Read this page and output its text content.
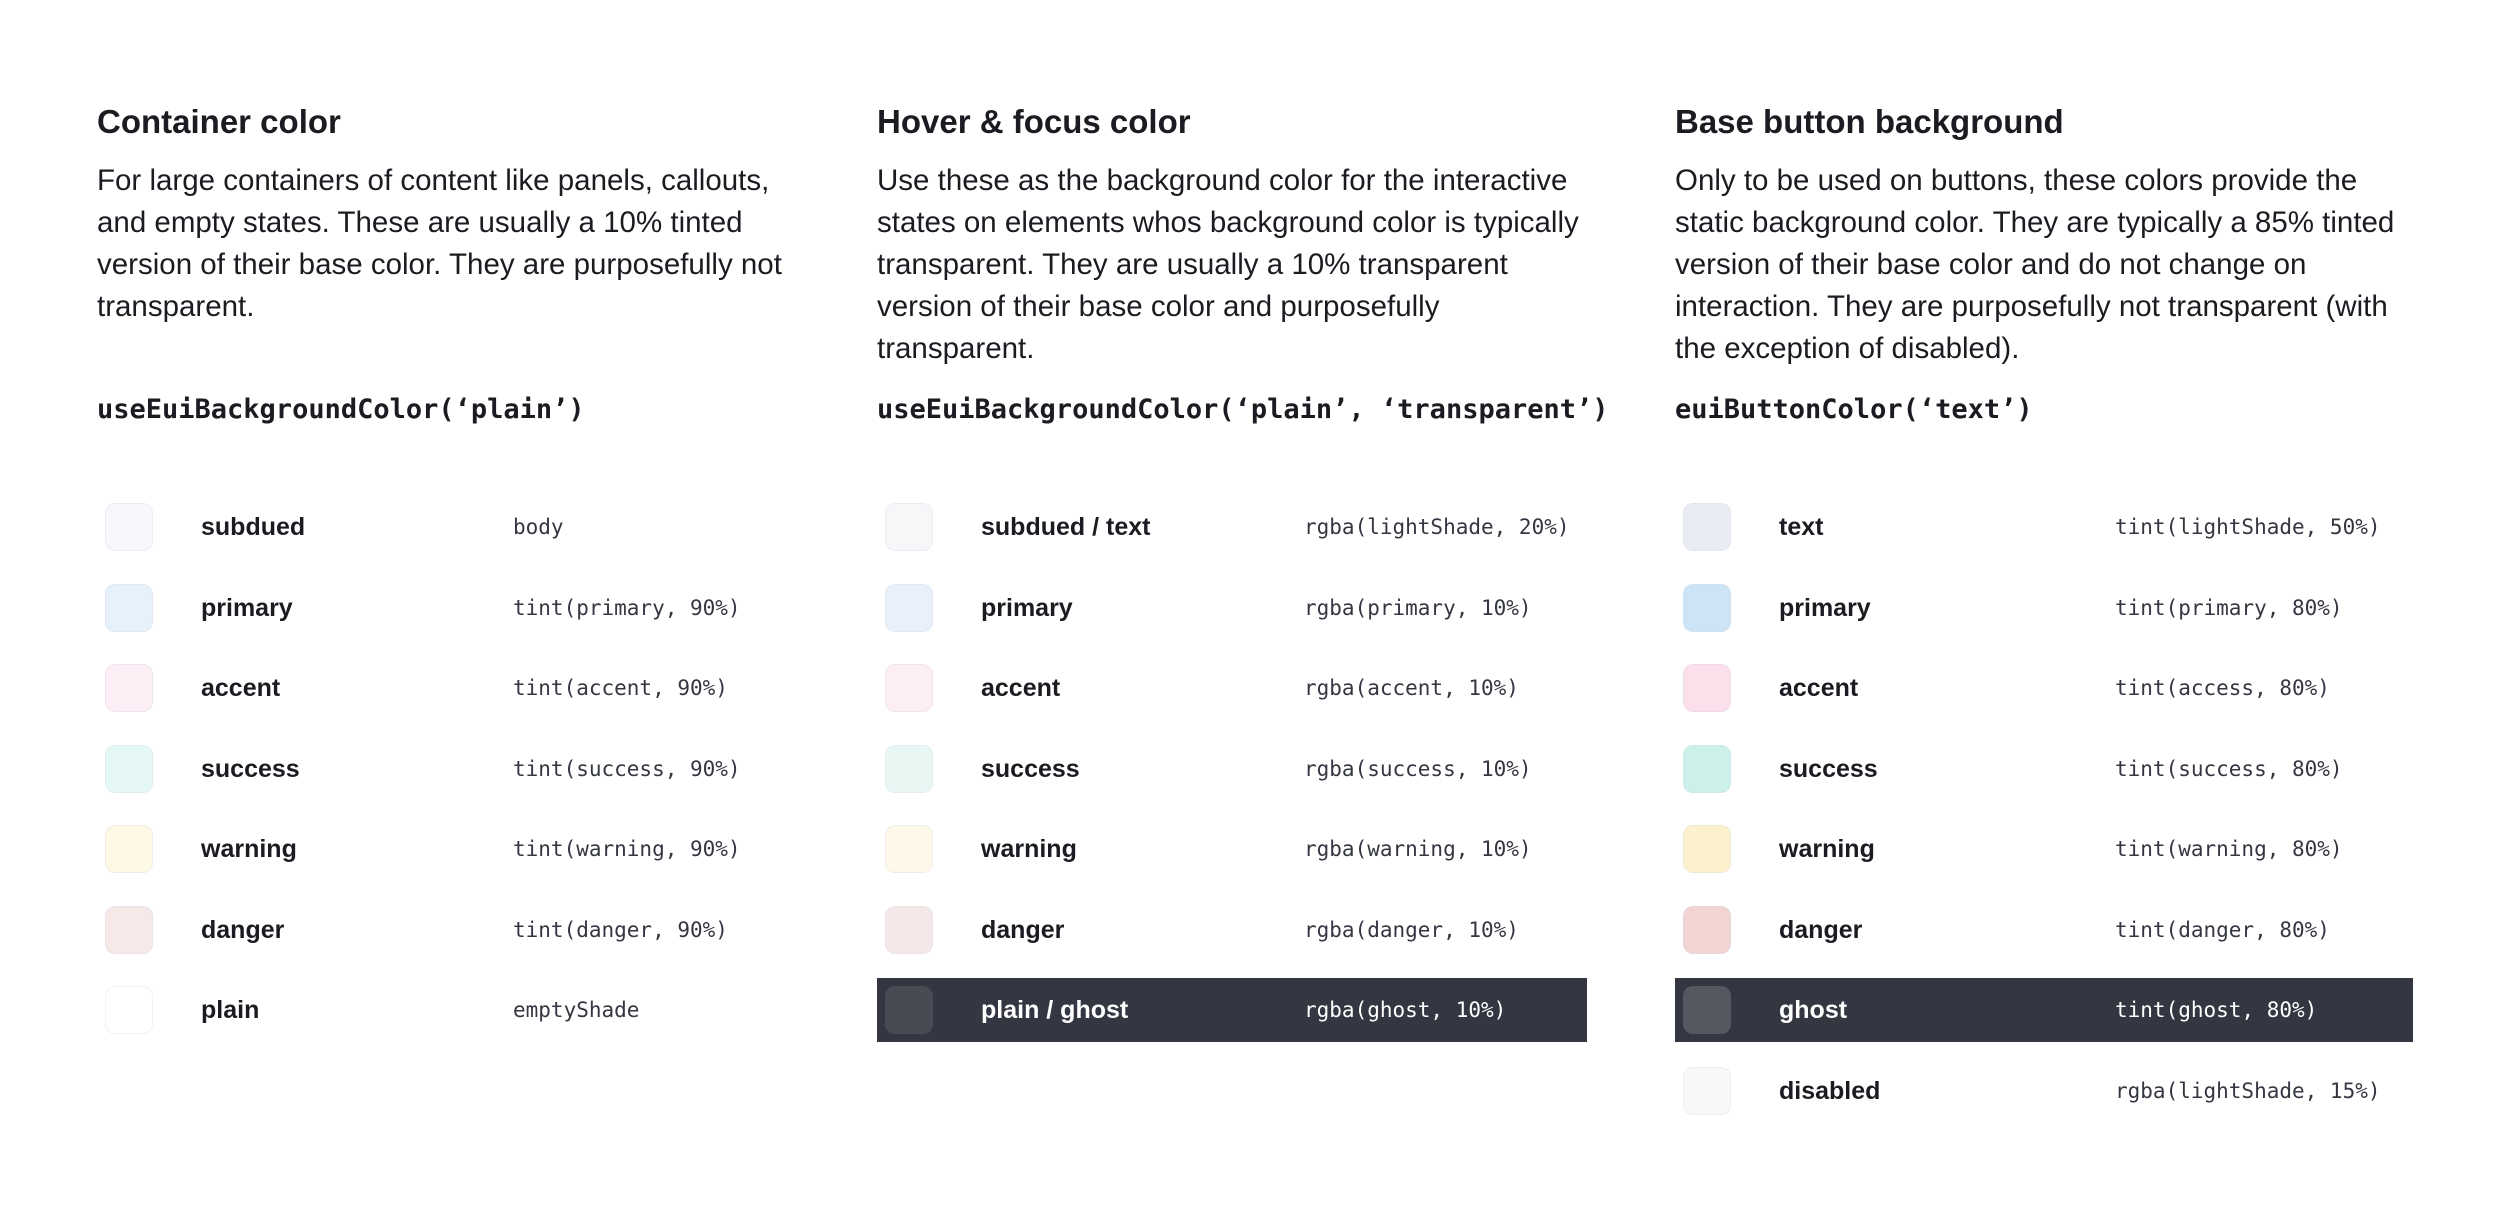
Container color

For large containers of content like panels, callouts, and empty states. These are usually a 10% tinted version of their base color. They are purposefully not transparent.

useEuiBackgroundColor(‘plain’)
subdued	body
primary	tint(primary, 90%)
accent	tint(accent, 90%)
success	tint(success, 90%)
warning	tint(warning, 90%)
danger	tint(danger, 90%)
plain	emptyShade
Hover & focus color

Use these as the background color for the interactive states on elements whos background color is typically transparent. They are usually a 10% transparent version of their base color and purposefully transparent.

useEuiBackgroundColor(‘plain’, ‘transparent’)
subdued / text	rgba(lightShade, 20%)
primary	rgba(primary, 10%)
accent	rgba(accent, 10%)
success	rgba(success, 10%)
warning	rgba(warning, 10%)
danger	rgba(danger, 10%)
plain / ghost	rgba(ghost, 10%)
Base button background

Only to be used on buttons, these colors provide the static background color. They are typically a 85% tinted version of their base color and do not change on interaction. They are purposefully not transparent (with the exception of disabled).

euiButtonColor(‘text’)
text	tint(lightShade, 50%)
primary	tint(primary, 80%)
accent	tint(access, 80%)
success	tint(success, 80%)
warning	tint(warning, 80%)
danger	tint(danger, 80%)
ghost	tint(ghost, 80%)
disabled	rgba(lightShade, 15%)
